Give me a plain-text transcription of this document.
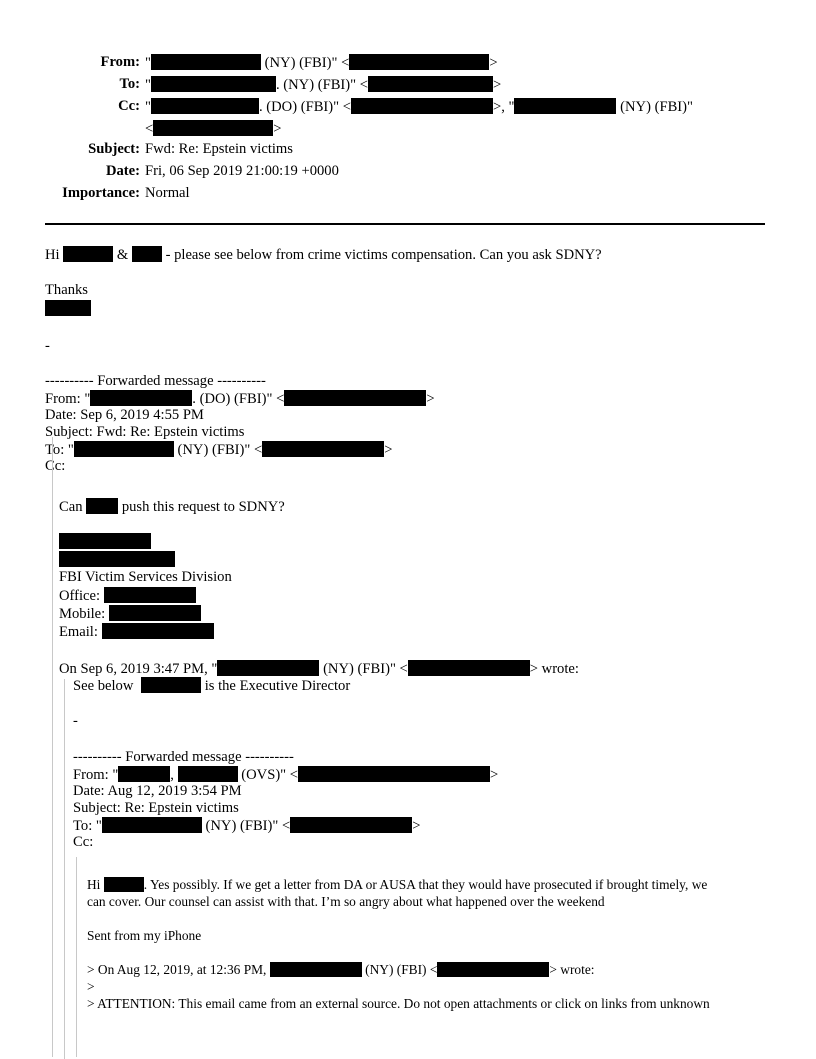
From: "	(NY) (FBI)" <	>
To: "	. (NY) (FBI)" <	>
Cc: "	. (DO) (FBI)" <	>, "	(NY) (FBI)"
<	>
Subject: Fwd: Re: Epstein victims
Date: Fri, 06 Sep 2019 21:00:19 +0000
Importance: Normal
Hi	&	- please see below from crime victims compensation. Can you ask SDNY?
Thanks
-
---------- Forwarded message ----------
From: "	. (DO) (FBI)" <	>
Date: Sep 6, 2019 4:55 PM
Subject: Fwd: Re: Epstein victims
To: "	(NY) (FBI)" <	>
Cc:
Can	push this request to SDNY?
FBI Victim Services Division
Office:
Mobile:
Email:
On Sep 6, 2019 3:47 PM, "	(NY) (FBI)" <	> wrote:
See below	is the Executive Director
-
---------- Forwarded message ----------
From: "	,	(OVS)" <	>
Date: Aug 12, 2019 3:54 PM
Subject: Re: Epstein victims
To: "	(NY) (FBI)" <	>
Cc:
Hi	. Yes possibly. If we get a letter from DA or AUSA that they would have prosecuted if brought timely, we
can cover. Our counsel can assist with that. I’m so angry about what happened over the weekend
Sent from my iPhone
> On Aug 12, 2019, at 12:36 PM,	(NY) (FBI) <	> wrote:
>
> ATTENTION: This email came from an external source. Do not open attachments or click on links from unknown
